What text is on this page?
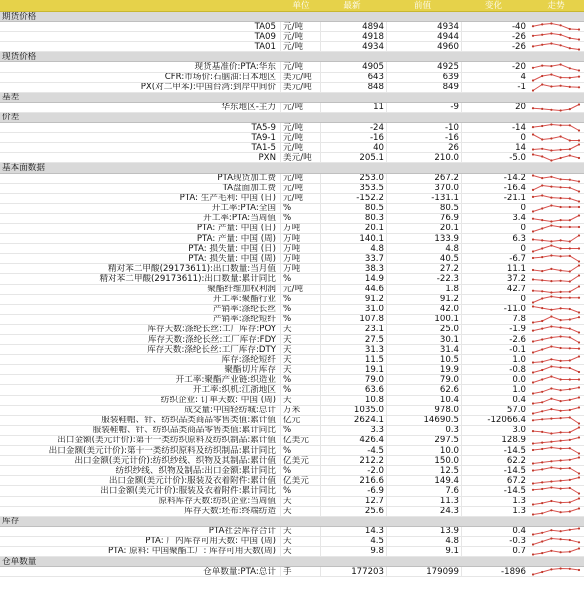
单位	最新	前值	变化	走势
期货价格
TA05 元/吨	4894	4934	-40
TA09 元/吨	4918	4944	-26
TA01 元/吨	4934	4960	-26
现货价格
现货基准价:PTA:华东 元/吨	4905	4925	-20
CFR:市场价:石脑油:日本地区 美元/吨	643	639	4
PX(对二甲苯):中国台湾:到岸中间价 美元/吨	848	849	-1
基差
华东地区-主力 元/吨	11	-9	20
价差
TA5-9 元/吨	-24	-10	-14
TA9-1 元/吨	-16	-16	0
TA1-5 元/吨	40	26	14
PXN 美元/吨	205.1	210.0	-5.0
基本面数据
PTA现货加工费 元/吨	253.0	267.2	-14.2
TA盘面加工费 元/吨	353.5	370.0	-16.4
PTA: 生产毛利: 中国 (日) 元/吨	-152.2	-131.1	-21.1
开工率:PTA:全国 %	80.5	80.5	0
开工率:PTA:当周值 %	80.3	76.9	3.4
PTA: 产量: 中国 (日) 万吨	20.1	20.1	0
PTA: 产量: 中国 (周) 万吨	140.1	133.9	6.3
PTA: 损失量: 中国 (日) 万吨	4.8	4.8	0
PTA: 损失量: 中国 (周) 万吨	33.7	40.5	-6.7
精对苯二甲酸(29173611):出口数量:当月值 万吨	38.3	27.2	11.1
精对苯二甲酸(29173611):出口数量:累计同比 %	14.9	-22.3	37.2
聚酯纤维加权利润 元/吨	44.6	1.8	42.7
开工率:聚酯行业 %	91.2	91.2	0
产销率:涤纶长丝 %	31.0	42.0	-11.0
产销率:涤纶短纤 %	107.8	100.1	7.8
库存天数:涤纶长丝:工厂库存:POY 天	23.1	25.0	-1.9
库存天数:涤纶长丝:工厂库存:FDY 天	27.5	30.1	-2.6
库存天数:涤纶长丝:工厂库存:DTY 天	31.3	31.4	-0.1
库存:涤纶短纤 天	11.5	10.5	1.0
聚酯切片库存 天	19.1	19.9	-0.8
开工率:聚酯产业链:织造业 %	79.0	79.0	0.0
开工率:织机:江浙地区 %	63.6	62.6	1.0
纺织企业: 订单天数: 中国 (周) 天	10.8	10.4	0.4
成交量:中国轻纺城:总计 万米	1035.0	978.0	57.0
服装鞋帽、针、纺织品类商品零售类值:累计值 亿元	2624.1	14690.5	-12066.4
服装鞋帽、针、纺织品类商品零售类值:累计同比 %	3.3	0.3	3.0
出口金额(美元计价):第十一类纺织原料及纺织制品:累计值 亿美元	426.4	297.5	128.9
出口金额(美元计价):第十一类纺织原料及纺织制品:累计同比 %	-4.5	10.0	-14.5
出口金额(美元计价):纺织纱线、织物及其制品:累计值 亿美元	212.2	150.0	62.2
纺织纱线、织物及制品:出口金额:累计同比 %	-2.0	12.5	-14.5
出口金额(美元计价):服装及衣着附件:累计值 亿美元	216.6	149.4	67.2
出口金额(美元计价):服装及衣着附件:累计同比 %	-6.9	7.6	-14.5
原料库存天数:纺织企业:当周值 天	12.7	11.3	1.3
库存天数:坯布:终端纺造 天	25.6	24.3	1.3
库存
PTA社会库存合计 天	14.3	13.9	0.4
PTA: 厂内库存可用天数: 中国 (周) 天	4.5	4.8	-0.3
PTA: 原料: 中国聚酯工厂: 库存可用天数(周) 天	9.8	9.1	0.7
仓单数量
仓单数量:PTA:总计 手	177203	179099	-1896
